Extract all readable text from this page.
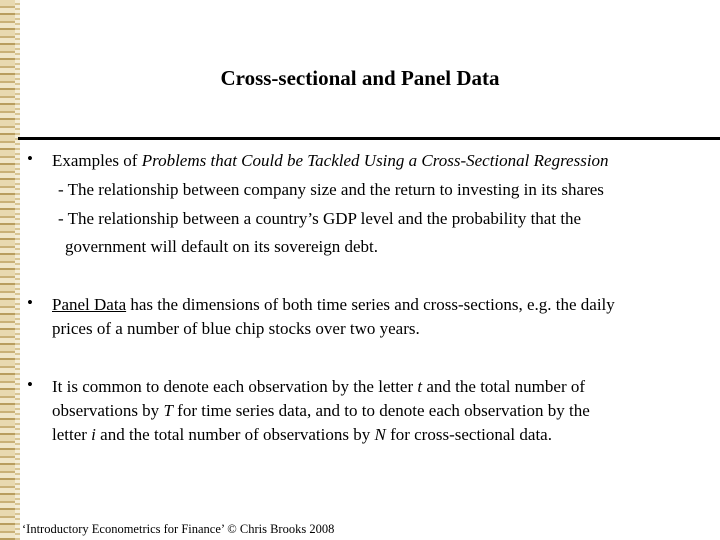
Cross-sectional and Panel Data
• Examples of Problems that Could be Tackled Using a Cross-Sectional Regression
- The relationship between company size and the return to investing in its shares
- The relationship between a country’s GDP level and the probability that the
government will default on its sovereign debt.
• Panel Data has the dimensions of both time series and cross-sections, e.g. the daily
prices of a number of blue chip stocks over two years.
• It is common to denote each observation by the letter t and the total number of
observations by T for time series data, and to to denote each observation by the
letter i and the total number of observations by N for cross-sectional data.
‘Introductory Econometrics for Finance’ © Chris Brooks 2008
